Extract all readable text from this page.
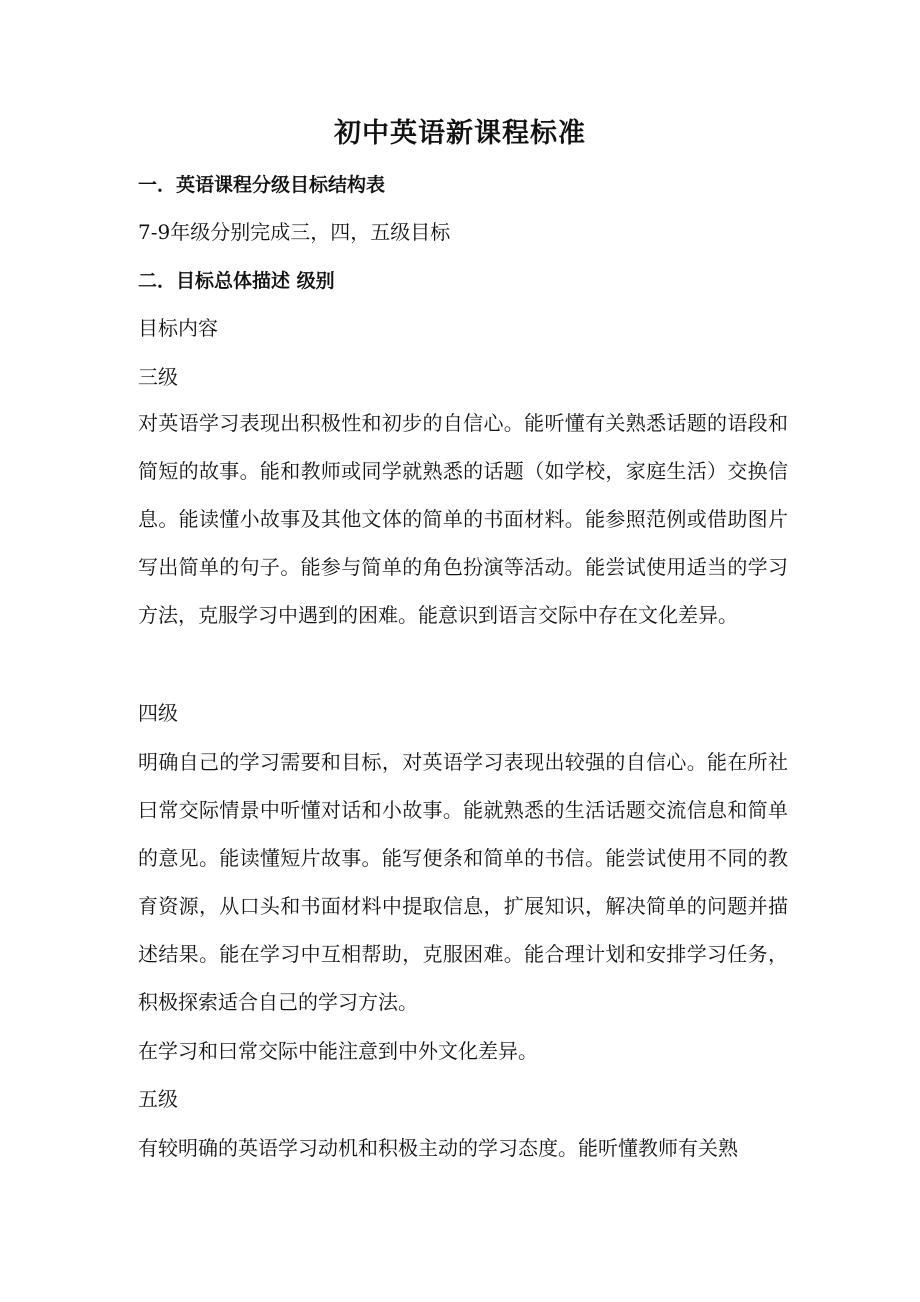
初中英语新课程标准
一．英语课程分级目标结构表
7-9年级分别完成三，四，五级目标
二．目标总体描述 级别
目标内容
三级
对英语学习表现出积极性和初步的自信心。能听懂有关熟悉话题的语段和简短的故事。能和教师或同学就熟悉的话题（如学校，家庭生活）交换信息。能读懂小故事及其他文体的简单的书面材料。能参照范例或借助图片写出简单的句子。能参与简单的角色扮演等活动。能尝试使用适当的学习方法，克服学习中遇到的困难。能意识到语言交际中存在文化差异。
四级
明确自己的学习需要和目标，对英语学习表现出较强的自信心。能在所社曰常交际情景中听懂对话和小故事。能就熟悉的生活话题交流信息和简单的意见。能读懂短片故事。能写便条和简单的书信。能尝试使用不同的教育资源，从口头和书面材料中提取信息，扩展知识，解决简单的问题并描述结果。能在学习中互相帮助，克服困难。能合理计划和安排学习任务，积极探索适合自己的学习方法。
在学习和曰常交际中能注意到中外文化差异。
五级
有较明确的英语学习动机和积极主动的学习态度。能听懂教师有关熟
